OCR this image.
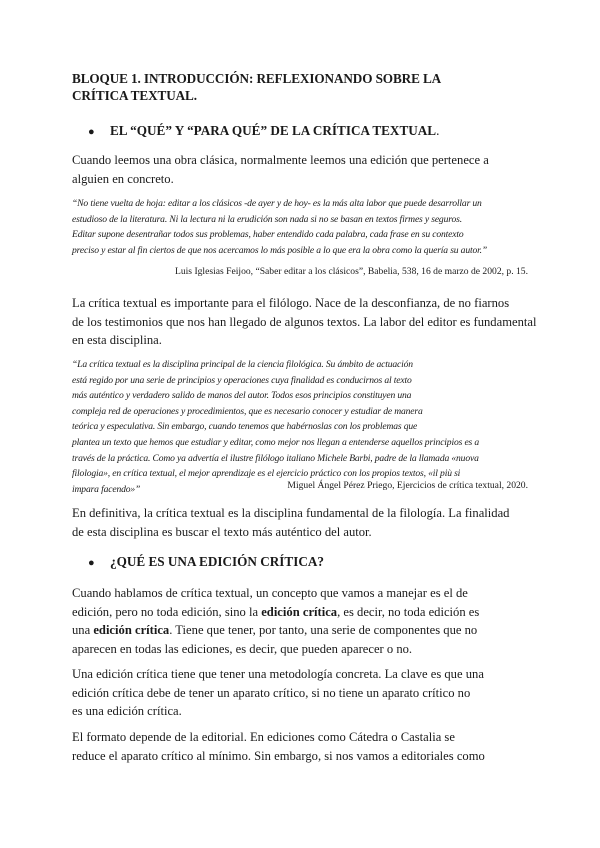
BLOQUE 1. INTRODUCCIÓN: REFLEXIONANDO SOBRE LA
CRÍTICA TEXTUAL.
● EL “QUÉ” Y “PARA QUÉ” DE LA CRÍTICA TEXTUAL.
Cuando leemos una obra clásica, normalmente leemos una edición que pertenece a
alguien en concreto.
“No tiene vuelta de hoja: editar a los clásicos -de ayer y de hoy- es la más alta labor que puede desarrollar un
estudioso de la literatura. Ni la lectura ni la erudición son nada si no se basan en textos firmes y seguros.
Editar supone desentrañar todos sus problemas, haber entendido cada palabra, cada frase en su contexto
preciso y estar al fin ciertos de que nos acercamos lo más posible a lo que era la obra como la quería su autor.”
Luis Iglesias Feijoo, “Saber editar a los clásicos”, Babelia, 538, 16 de marzo de 2002, p. 15.
La crítica textual es importante para el filólogo. Nace de la desconfianza, de no fiarnos
de los testimonios que nos han llegado de algunos textos. La labor del editor es fundamental
en esta disciplina.
“La crítica textual es la disciplina principal de la ciencia filológica. Su ámbito de actuación
está regido por una serie de principios y operaciones cuya finalidad es conducirnos al texto
más auténtico y verdadero salido de manos del autor. Todos esos principios constituyen una
compleja red de operaciones y procedimientos, que es necesario conocer y estudiar de manera
teórica y especulativa. Sin embargo, cuando tenemos que habérnoslas con los problemas que
plantea un texto que hemos que estudiar y editar, como mejor nos llegan a entenderse aquellos principios es a
través de la práctica. Como ya advertía el ilustre filólogo italiano Michele Barbi, padre de la llamada «nuova
filologia», en crítica textual, el mejor aprendizaje es el ejercicio práctico con los propios textos, «il più si
impara facendo»”	Miguel Ángel Pérez Priego, Ejercicios de crítica textual, 2020.
En definitiva, la crítica textual es la disciplina fundamental de la filología. La finalidad
de esta disciplina es buscar el texto más auténtico del autor.
● ¿QUÉ ES UNA EDICIÓN CRÍTICA?
Cuando hablamos de crítica textual, un concepto que vamos a manejar es el de
edición, pero no toda edición, sino la edición crítica, es decir, no toda edición es
una edición crítica. Tiene que tener, por tanto, una serie de componentes que no
aparecen en todas las ediciones, es decir, que pueden aparecer o no.
Una edición crítica tiene que tener una metodología concreta. La clave es que una
edición crítica debe de tener un aparato crítico, si no tiene un aparato crítico no
es una edición crítica.
El formato depende de la editorial. En ediciones como Cátedra o Castalia se
reduce el aparato crítico al mínimo. Sin embargo, si nos vamos a editoriales como
